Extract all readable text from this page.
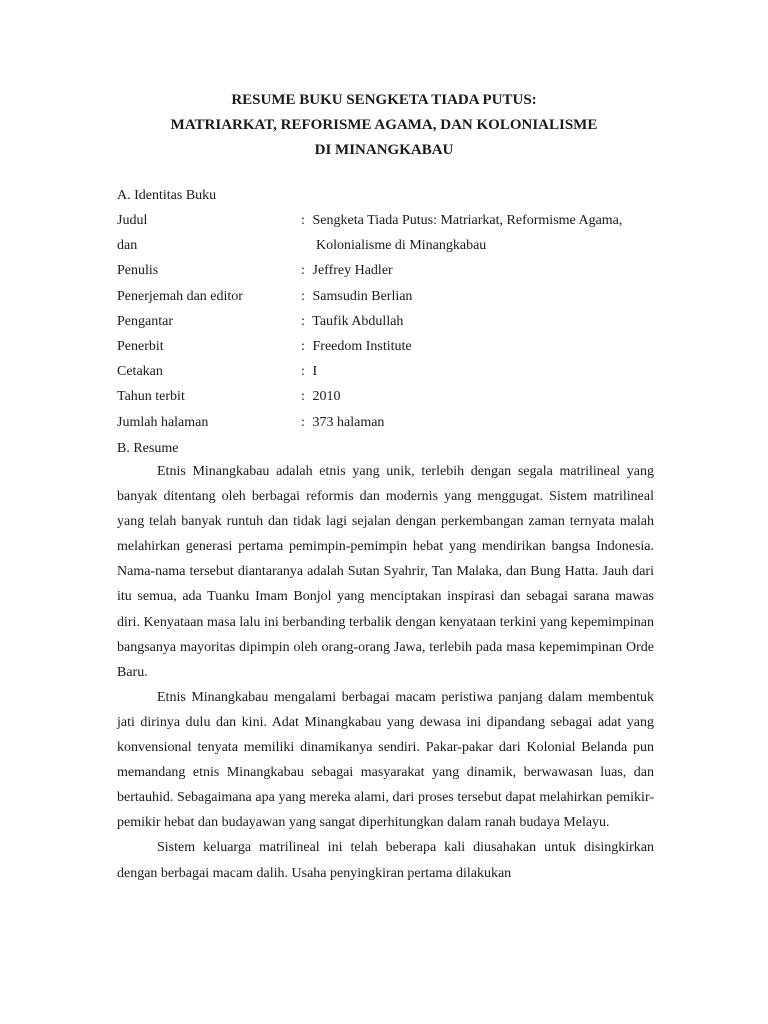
RESUME BUKU SENGKETA TIADA PUTUS:
MATRIARKAT, REFORISME AGAMA, DAN KOLONIALISME
DI MINANGKABAU
A. Identitas Buku
Judul	: Sengketa Tiada Putus: Matriarkat, Reformisme Agama,
dan	Kolonialisme di Minangkabau
Penulis	: Jeffrey Hadler
Penerjemah dan editor	: Samsudin Berlian
Pengantar	: Taufik Abdullah
Penerbit	: Freedom Institute
Cetakan	: I
Tahun terbit	: 2010
Jumlah halaman	: 373 halaman
B. Resume

Etnis Minangkabau adalah etnis yang unik, terlebih dengan segala matrilineal yang banyak ditentang oleh berbagai reformis dan modernis yang menggugat. Sistem matrilineal yang telah banyak runtuh dan tidak lagi sejalan dengan perkembangan zaman ternyata malah melahirkan generasi pertama pemimpin-pemimpin hebat yang mendirikan bangsa Indonesia. Nama-nama tersebut diantaranya adalah Sutan Syahrir, Tan Malaka, dan Bung Hatta. Jauh dari itu semua, ada Tuanku Imam Bonjol yang menciptakan inspirasi dan sebagai sarana mawas diri. Kenyataan masa lalu ini berbanding terbalik dengan kenyataan terkini yang kepemimpinan bangsanya mayoritas dipimpin oleh orang-orang Jawa, terlebih pada masa kepemimpinan Orde Baru.

Etnis Minangkabau mengalami berbagai macam peristiwa panjang dalam membentuk jati dirinya dulu dan kini. Adat Minangkabau yang dewasa ini dipandang sebagai adat yang konvensional tenyata memiliki dinamikanya sendiri. Pakar-pakar dari Kolonial Belanda pun memandang etnis Minangkabau sebagai masyarakat yang dinamik, berwawasan luas, dan bertauhid. Sebagaimana apa yang mereka alami, dari proses tersebut dapat melahirkan pemikir-pemikir hebat dan budayawan yang sangat diperhitungkan dalam ranah budaya Melayu.

Sistem keluarga matrilineal ini telah beberapa kali diusahakan untuk disingkirkan dengan berbagai macam dalih. Usaha penyingkiran pertama dilakukan
